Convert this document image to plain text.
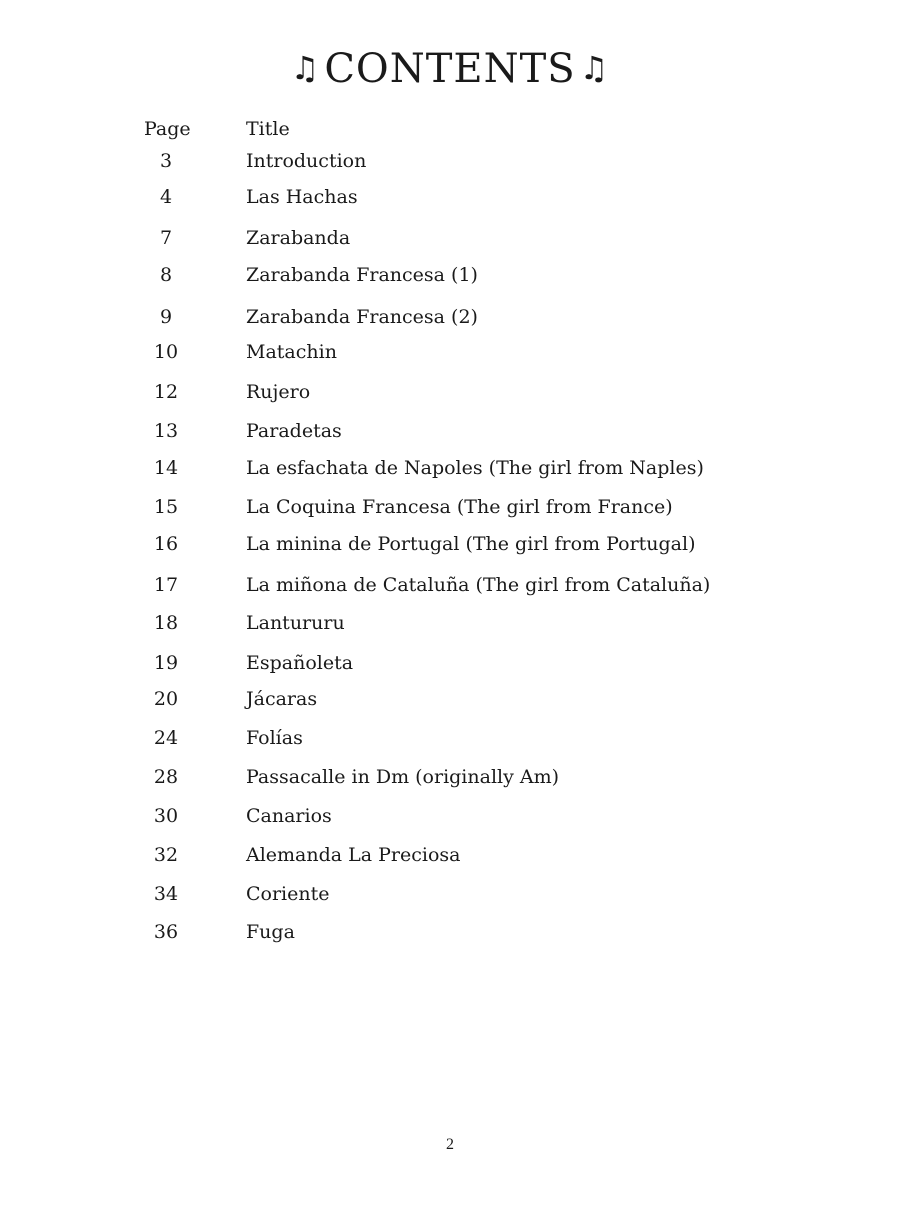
♫ CONTENTS ♫
Page	Title
3	Introduction
4	Las Hachas
7	Zarabanda
8	Zarabanda Francesa (1)
9	Zarabanda Francesa (2)
10	Matachin
12	Rujero
13	Paradetas
14	La esfachata de Napoles (The girl from Naples)
15	La Coquina Francesa (The girl from France)
16	La minina de Portugal (The girl from Portugal)
17	La miñona de Cataluña (The girl from Cataluña)
18	Lantururu
19	Españoleta
20	Jácaras
24	Folías
28	Passacalle in Dm (originally Am)
30	Canarios
32	Alemanda La Preciosa
34	Coriente
36	Fuga
2
